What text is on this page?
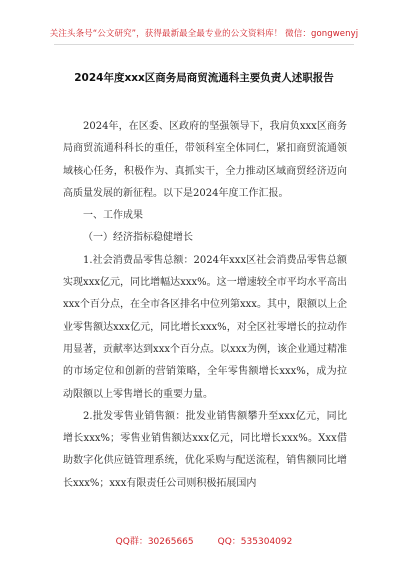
关注头条号“公文研究”，获得最新最全最专业的公文资料库！ 微信：gongwenyj
2024年度xxx区商务局商贸流通科主要负责人述职报告

2024年，在区委、区政府的坚强领导下，我肩负xxx区商务局商贸流通科科长的重任，带领科室全体同仁，紧扣商贸流通领域核心任务，积极作为、真抓实干，全力推动区域商贸经济迈向高质量发展的新征程。以下是2024年度工作汇报。

一、工作成果

（一）经济指标稳健增长

1.社会消费品零售总额：2024年xxx区社会消费品零售总额实现xxx亿元，同比增幅达xxx%。这一增速较全市平均水平高出xxx个百分点，在全市各区排名中位列第xxx。其中，限额以上企业零售额达xxx亿元，同比增长xxx%，对全区社零增长的拉动作用显著，贡献率达到xxx个百分点。以xxx为例，该企业通过精准的市场定位和创新的营销策略，全年零售额增长xxx%，成为拉动限额以上零售增长的重要力量。

2.批发零售业销售额：批发业销售额攀升至xxx亿元，同比增长xxx%；零售业销售额达xxx亿元，同比增长xxx%。Xxx借助数字化供应链管理系统，优化采购与配送流程，销售额同比增长xxx%；xxx有限责任公司则积极拓展国内

QQ群：30265665	QQ：535304092
